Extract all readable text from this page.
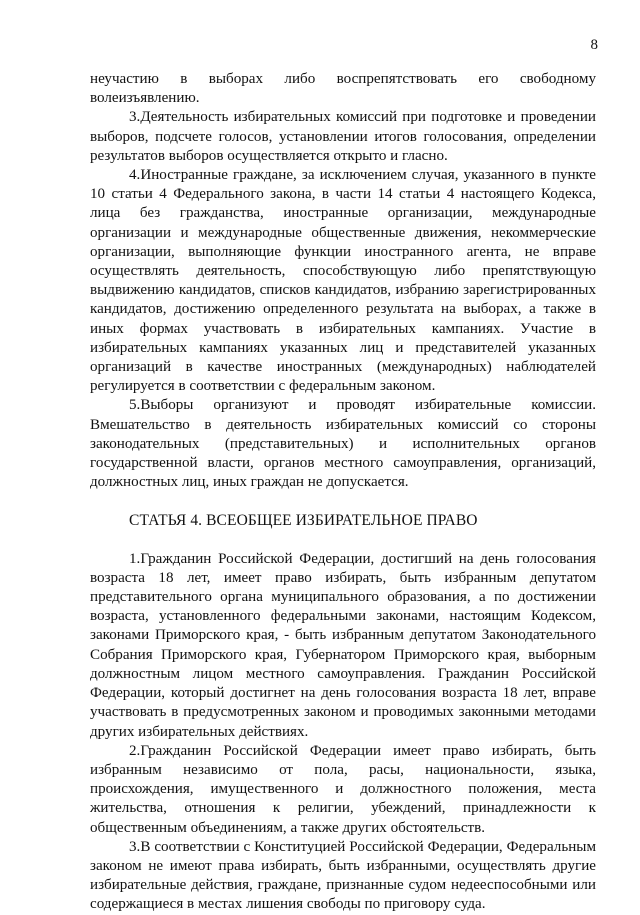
8

неучастию в выборах либо воспрепятствовать его свободному волеизъявлению.

3.Деятельность избирательных комиссий при подготовке и проведении выборов, подсчете голосов, установлении итогов голосования, определении результатов выборов осуществляется открыто и гласно.

4.Иностранные граждане, за исключением случая, указанного в пункте 10 статьи 4 Федерального закона, в части 14 статьи 4 настоящего Кодекса, лица без гражданства, иностранные организации, международные организации и международные общественные движения, некоммерческие организации, выполняющие функции иностранного агента, не вправе осуществлять деятельность, способствующую либо препятствующую выдвижению кандидатов, списков кандидатов, избранию зарегистрированных кандидатов, достижению определенного результата на выборах, а также в иных формах участвовать в избирательных кампаниях. Участие в избирательных кампаниях указанных лиц и представителей указанных организаций в качестве иностранных (международных) наблюдателей регулируется в соответствии с федеральным законом.

5.Выборы организуют и проводят избирательные комиссии. Вмешательство в деятельность избирательных комиссий со стороны законодательных (представительных) и исполнительных органов государственной власти, органов местного самоуправления, организаций, должностных лиц, иных граждан не допускается.

СТАТЬЯ 4. ВСЕОБЩЕЕ ИЗБИРАТЕЛЬНОЕ ПРАВО

1.Гражданин Российской Федерации, достигший на день голосования возраста 18 лет, имеет право избирать, быть избранным депутатом представительного органа муниципального образования, а по достижении возраста, установленного федеральными законами, настоящим Кодексом, законами Приморского края, - быть избранным депутатом Законодательного Собрания Приморского края, Губернатором Приморского края, выборным должностным лицом местного самоуправления. Гражданин Российской Федерации, который достигнет на день голосования возраста 18 лет, вправе участвовать в предусмотренных законом и проводимых законными методами других избирательных действиях.

2.Гражданин Российской Федерации имеет право избирать, быть избранным независимо от пола, расы, национальности, языка, происхождения, имущественного и должностного положения, места жительства, отношения к религии, убеждений, принадлежности к общественным объединениям, а также других обстоятельств.

3.В соответствии с Конституцией Российской Федерации, Федеральным законом не имеют права избирать, быть избранными, осуществлять другие избирательные действия, граждане, признанные судом недееспособными или содержащиеся в местах лишения свободы по приговору суда.
